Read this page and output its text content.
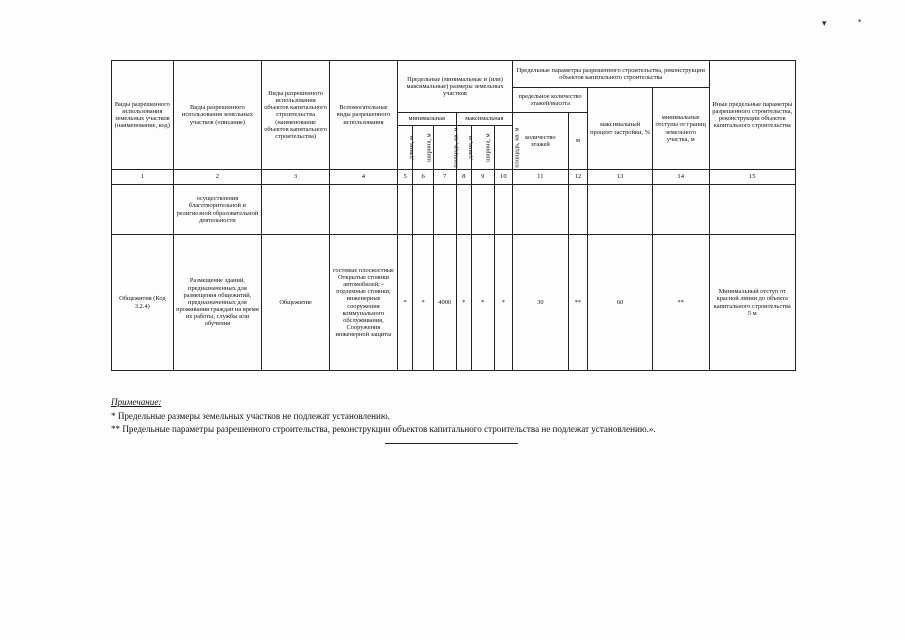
▾	•
Виды разрешенного использования земельных участков (наименование, код)	Виды разрешенного использования земельных участков (описание)	Виды разрешенного использования объектов капитального строительства (наименование объектов капитального строительства)	Вспомогательные виды разрешенного использования	Предельные (минимальные и (или) максимальные) размеры земельных участков						Предельные параметры разрешенного строительства, реконструкции объектов капитального строительства				Иные предельные параметры разрешенного строительства, реконструкции объектов капитального строительства
										предельное количество этажей/высота		максимальный процент застройки, %	минимальные отступы от границ земельного участка, м	
				минимальная			максимальная			количество этажей	м			
				длина, м	ширина, м	площадь, кв. м	длина, м	ширина, м	площадь, кв. м					
1	2	3	4	5	6	7	8	9	10	11	12	13	14	15
	осуществления благотворительной и религиозной образовательной деятельности													
Общежития (Код 3.2.4)	Размещение зданий, предназначенных для размещения общежитий, предназначенных для проживания граждан на время их работы, службы или обучения	Общежитие	гостевые плоскостные Открытые стоянки автомобилей; - подземные стоянки; инженерные сооружения коммунального обслуживания, Сооружения инженерной защиты	*	*	4000	*	*	*	30	**	60	**	Минимальный отступ от красной линии до объекта капитального строительства 5 м
Примечание:
* Предельные размеры земельных участков не подлежат установлению.
** Предельные параметры разрешенного строительства, реконструкции объектов капитального строительства не подлежат установлению.».
